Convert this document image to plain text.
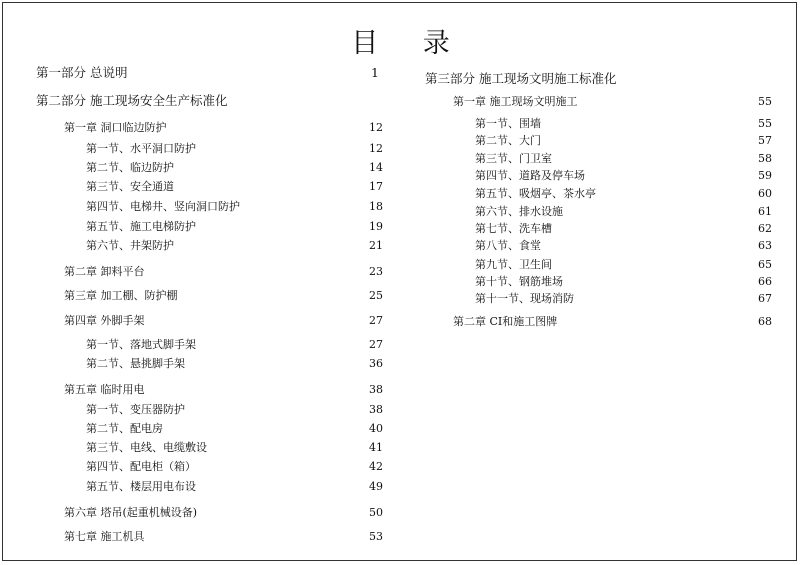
目 录
第一部分 总说明	1
第二部分 施工现场安全生产标准化
第一章 洞口临边防护	12
第一节、水平洞口防护	12
第二节、临边防护	14
第三节、安全通道	17
第四节、电梯井、竖向洞口防护	18
第五节、施工电梯防护	19
第六节、井架防护	21
第二章 卸料平台	23
第三章 加工棚、防护棚	25
第四章 外脚手架	27
第一节、落地式脚手架	27
第二节、悬挑脚手架	36
第五章 临时用电	38
第一节、变压器防护	38
第二节、配电房	40
第三节、电线、电缆敷设	41
第四节、配电柜（箱）	42
第五节、楼层用电布设	49
第六章 塔吊(起重机械设备)	50
第七章 施工机具	53
第三部分 施工现场文明施工标准化
第一章 施工现场文明施工	55
第一节、围墙	55
第二节、大门	57
第三节、门卫室	58
第四节、道路及停车场	59
第五节、吸烟亭、茶水亭	60
第六节、排水设施	61
第七节、洗车槽	62
第八节、食堂	63
第九节、卫生间	65
第十节、钢筋堆场	66
第十一节、现场消防	67
第二章 CI和施工图牌	68
